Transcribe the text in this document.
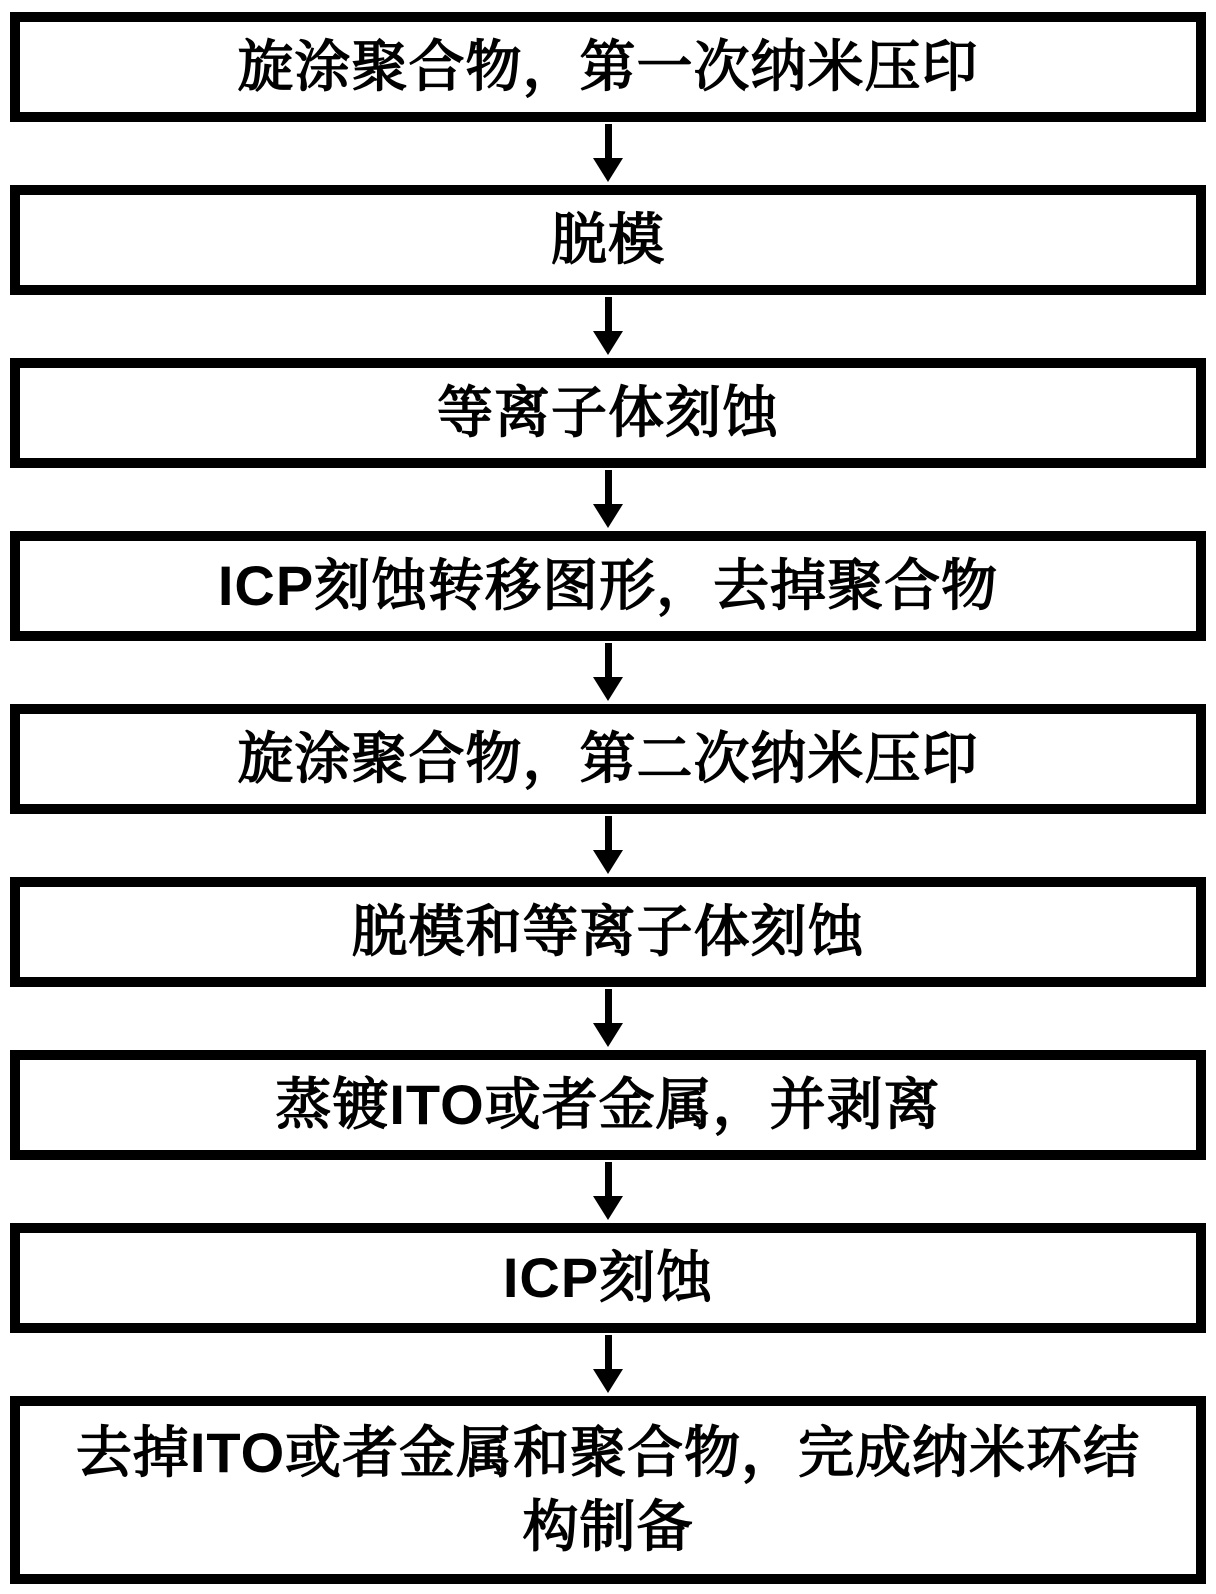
旋涂聚合物，第一次纳米压印
脱模
等离子体刻蚀
ICP刻蚀转移图形，去掉聚合物
旋涂聚合物，第二次纳米压印
脱模和等离子体刻蚀
蒸镀ITO或者金属，并剥离
ICP刻蚀
去掉ITO或者金属和聚合物，完成纳米环结构制备
